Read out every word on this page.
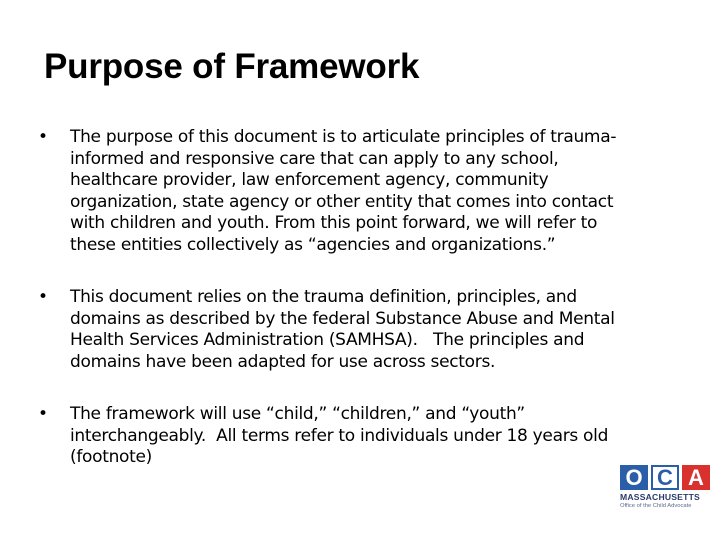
Purpose of Framework
•	The purpose of this document is to articulate principles of trauma-
informed and responsive care that can apply to any school,
healthcare provider, law enforcement agency, community
organization, state agency or other entity that comes into contact
with children and youth. From this point forward, we will refer to
these entities collectively as “agencies and organizations.”
•	This document relies on the trauma definition, principles, and
domains as described by the federal Substance Abuse and Mental
Health Services Administration (SAMHSA).   The principles and
domains have been adapted for use across sectors.
•	The framework will use “child,” “children,” and “youth”
interchangeably.  All terms refer to individuals under 18 years old
(footnote)
O C A
MASSACHUSETTS
Office of the Child Advocate
